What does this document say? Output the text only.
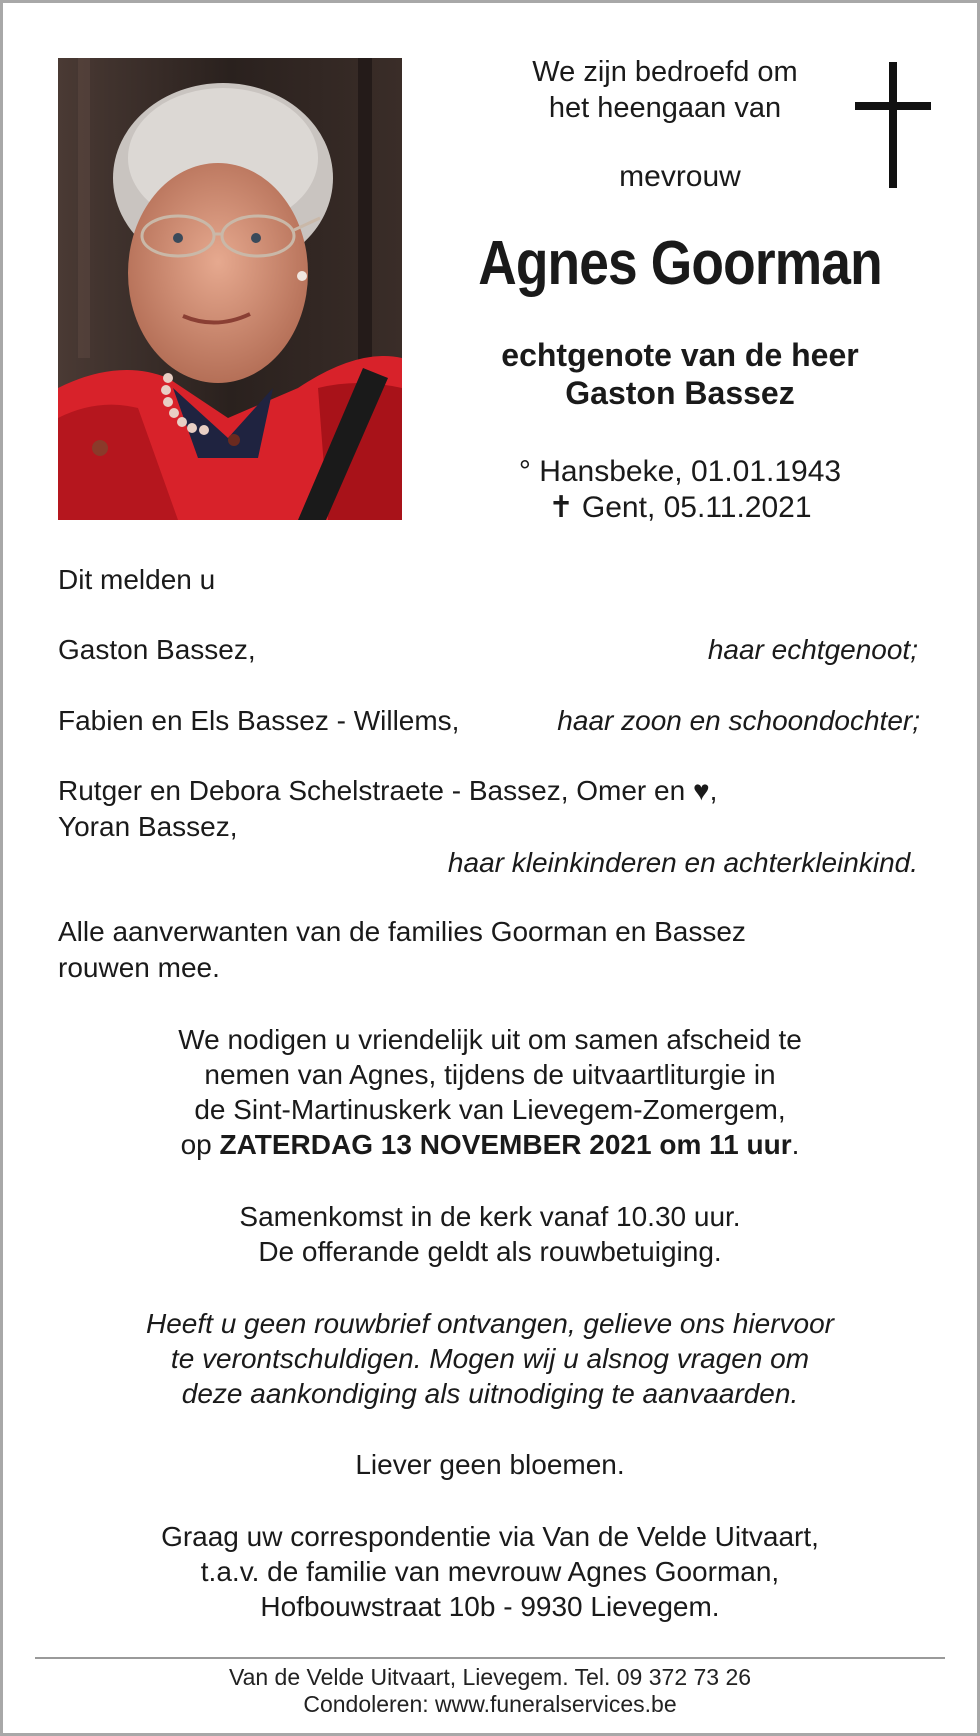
We zijn bedroefd om
het heengaan van
mevrouw
Agnes Goorman
echtgenote van de heer
Gaston Bassez
° Hansbeke, 01.01.1943
✝ Gent, 05.11.2021
Dit melden u
Gaston Bassez,	haar echtgenoot;
Fabien en Els Bassez - Willems,	haar zoon en schoondochter;
Rutger en Debora Schelstraete - Bassez, Omer en ♥,
Yoran Bassez,
haar kleinkinderen en achterkleinkind.
Alle aanverwanten van de families Goorman en Bassez
rouwen mee.
We nodigen u vriendelijk uit om samen afscheid te
nemen van Agnes, tijdens de uitvaartliturgie in
de Sint-Martinuskerk van Lievegem-Zomergem,
op ZATERDAG 13 NOVEMBER 2021 om 11 uur.
Samenkomst in de kerk vanaf 10.30 uur.
De offerande geldt als rouwbetuiging.
Heeft u geen rouwbrief ontvangen, gelieve ons hiervoor
te verontschuldigen. Mogen wij u alsnog vragen om
deze aankondiging als uitnodiging te aanvaarden.
Liever geen bloemen.
Graag uw correspondentie via Van de Velde Uitvaart,
t.a.v. de familie van mevrouw Agnes Goorman,
Hofbouwstraat 10b - 9930 Lievegem.
Van de Velde Uitvaart, Lievegem. Tel. 09 372 73 26
Condoleren: www.funeralservices.be
